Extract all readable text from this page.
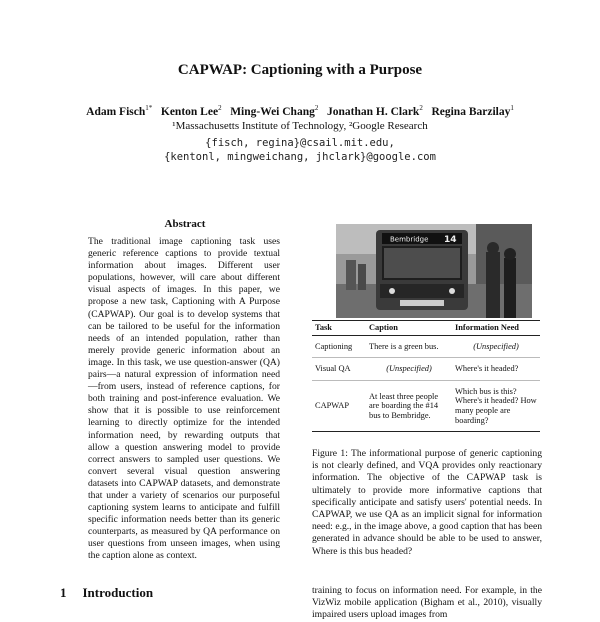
CAPWAP: Captioning with a Purpose
Adam Fisch$^{1*}$ Kenton Lee$^2$ Ming-Wei Chang$^2$ Jonathan H. Clark$^2$ Regina Barzilay$^1$
¹Massachusetts Institute of Technology, ²Google Research
{fisch, regina}@csail.mit.edu,
{kentonl, mingweichang, jhclark}@google.com
Abstract
The traditional image captioning task uses generic reference captions to provide textual information about images. Different user populations, however, will care about different visual aspects of images. In this paper, we propose a new task, Captioning with A Purpose (CAPWAP). Our goal is to develop systems that can be tailored to be useful for the information needs of an intended population, rather than merely provide generic information about an image. In this task, we use question-answer (QA) pairs—a natural expression of information need—from users, instead of reference captions, for both training and post-inference evaluation. We show that it is possible to use reinforcement learning to directly optimize for the intended information need, by rewarding outputs that allow a question answering model to provide correct answers to sampled user questions. We convert several visual question answering datasets into CAPWAP datasets, and demonstrate that under a variety of scenarios our purposeful captioning system learns to anticipate and fulfill specific information needs better than its generic counterparts, as measured by QA performance on user questions from unseen images, when using the caption alone as context.
1 Introduction
Bembridge 14
Task	Caption	Information Need
Captioning	There is a green bus.	(Unspecified)
Visual QA	(Unspecified)	Where's it headed?
CAPWAP	At least three people are boarding the #14 bus to Bembridge.	Which bus is this? Where's it headed? How many people are boarding?
Figure 1: The informational purpose of generic captioning is not clearly defined, and VQA provides only reactionary information. The objective of the CAPWAP task is ultimately to provide more informative captions that specifically anticipate and satisfy users' potential needs. In CAPWAP, we use QA as an implicit signal for information need: e.g., in the image above, a good caption that has been generated in advance should be able to be used to answer, Where is this bus headed?
training to focus on information need. For example, in the VizWiz mobile application (Bigham et al., 2010), visually impaired users upload images from
